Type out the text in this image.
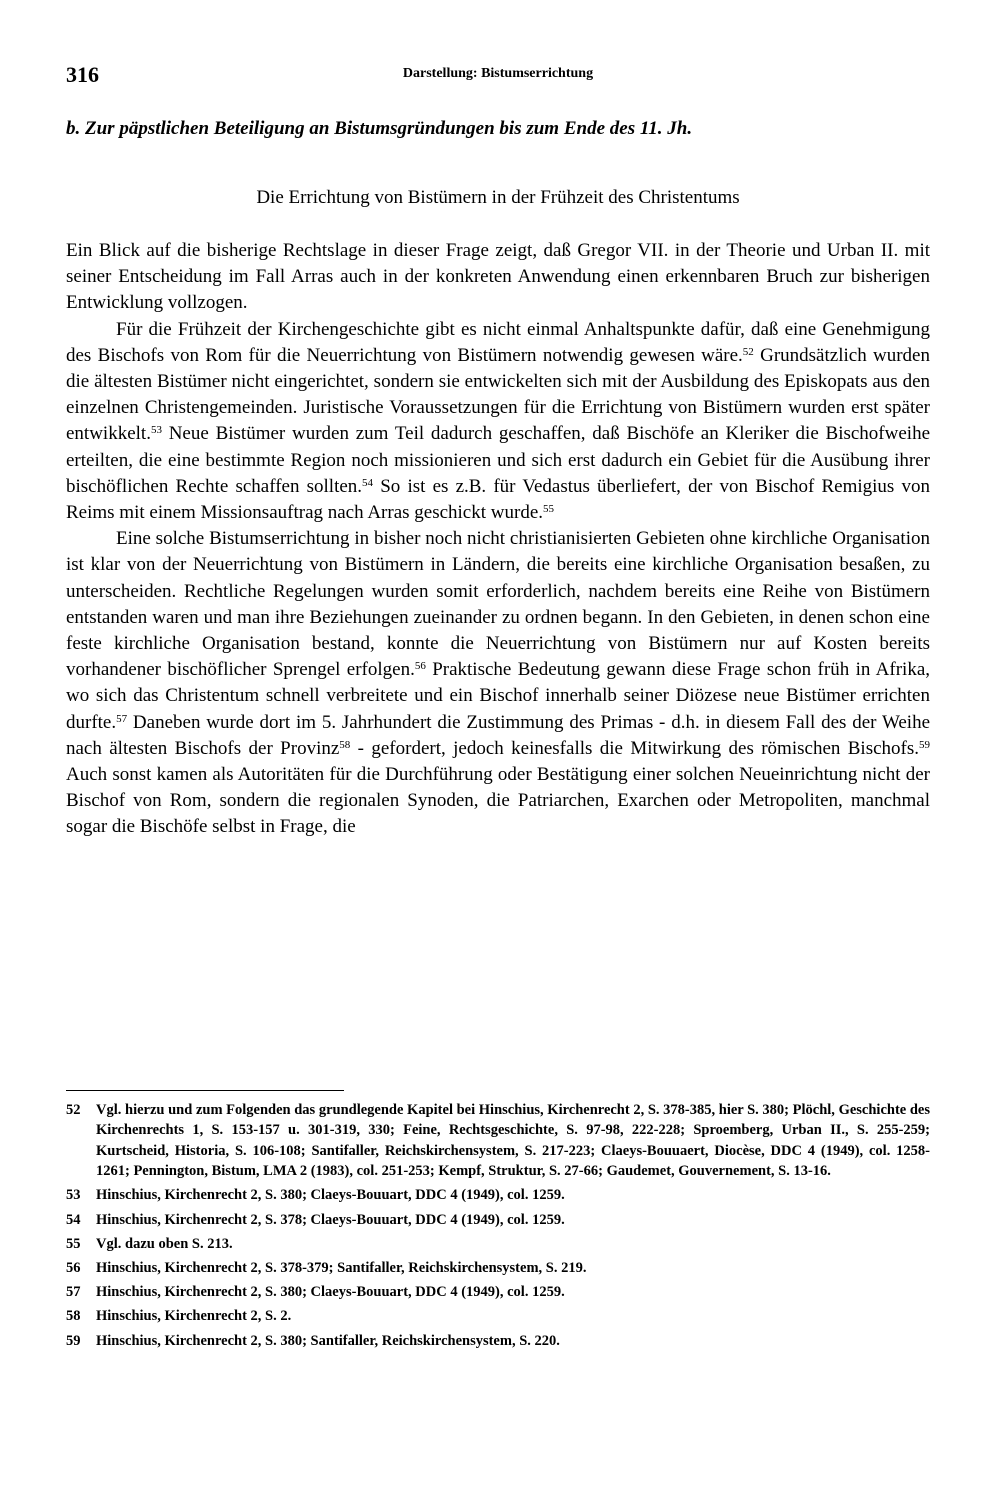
316	Darstellung: Bistumserrichtung
b. Zur päpstlichen Beteiligung an Bistumsgründungen bis zum Ende des 11. Jh.
Die Errichtung von Bistümern in der Frühzeit des Christentums

Ein Blick auf die bisherige Rechtslage in dieser Frage zeigt, daß Gregor VII. in der Theorie und Urban II. mit seiner Entscheidung im Fall Arras auch in der konkreten Anwendung einen erkennbaren Bruch zur bisherigen Entwicklung vollzogen.

Für die Frühzeit der Kirchengeschichte gibt es nicht einmal Anhaltspunkte dafür, daß eine Genehmigung des Bischofs von Rom für die Neuerrichtung von Bistümern notwendig gewesen wäre.$^{52}$ Grundsätzlich wurden die ältesten Bistümer nicht eingerichtet, sondern sie entwickelten sich mit der Ausbildung des Episkopats aus den einzelnen Christengemeinden. Juristische Voraussetzungen für die Errichtung von Bistümern wurden erst später entwikkelt.$^{53}$ Neue Bistümer wurden zum Teil dadurch geschaffen, daß Bischöfe an Kleriker die Bischofweihe erteilten, die eine bestimmte Region noch missionieren und sich erst dadurch ein Gebiet für die Ausübung ihrer bischöflichen Rechte schaffen sollten.$^{54}$ So ist es z.B. für Vedastus überliefert, der von Bischof Remigius von Reims mit einem Missionsauftrag nach Arras geschickt wurde.$^{55}$

Eine solche Bistumserrichtung in bisher noch nicht christianisierten Gebieten ohne kirchliche Organisation ist klar von der Neuerrichtung von Bistümern in Ländern, die bereits eine kirchliche Organisation besaßen, zu unterscheiden. Rechtliche Regelungen wurden somit erforderlich, nachdem bereits eine Reihe von Bistümern entstanden waren und man ihre Beziehungen zueinander zu ordnen begann. In den Gebieten, in denen schon eine feste kirchliche Organisation bestand, konnte die Neuerrichtung von Bistümern nur auf Kosten bereits vorhandener bischöflicher Sprengel erfolgen.$^{56}$ Praktische Bedeutung gewann diese Frage schon früh in Afrika, wo sich das Christentum schnell verbreitete und ein Bischof innerhalb seiner Diözese neue Bistümer errichten durfte.$^{57}$ Daneben wurde dort im 5. Jahrhundert die Zustimmung des Primas - d.h. in diesem Fall des der Weihe nach ältesten Bischofs der Provinz$^{58}$ - gefordert, jedoch keinesfalls die Mitwirkung des römischen Bischofs.$^{59}$ Auch sonst kamen als Autoritäten für die Durchführung oder Bestätigung einer solchen Neueinrichtung nicht der Bischof von Rom, sondern die regionalen Synoden, die Patriarchen, Exarchen oder Metropoliten, manchmal sogar die Bischöfe selbst in Frage, die

52 Vgl. hierzu und zum Folgenden das grundlegende Kapitel bei Hinschius, Kirchenrecht 2, S. 378-385, hier S. 380; Plöchl, Geschichte des Kirchenrechts 1, S. 153-157 u. 301-319, 330; Feine, Rechtsgeschichte, S. 97-98, 222-228; Sproemberg, Urban II., S. 255-259; Kurtscheid, Historia, S. 106-108; Santifaller, Reichskirchensystem, S. 217-223; Claeys-Bouuaert, Diocèse, DDC 4 (1949), col. 1258-1261; Pennington, Bistum, LMA 2 (1983), col. 251-253; Kempf, Struktur, S. 27-66; Gaudemet, Gouvernement, S. 13-16.
53 Hinschius, Kirchenrecht 2, S. 380; Claeys-Bouuart, DDC 4 (1949), col. 1259.
54 Hinschius, Kirchenrecht 2, S. 378; Claeys-Bouuart, DDC 4 (1949), col. 1259.
55 Vgl. dazu oben S. 213.
56 Hinschius, Kirchenrecht 2, S. 378-379; Santifaller, Reichskirchensystem, S. 219.
57 Hinschius, Kirchenrecht 2, S. 380; Claeys-Bouuart, DDC 4 (1949), col. 1259.
58 Hinschius, Kirchenrecht 2, S. 2.
59 Hinschius, Kirchenrecht 2, S. 380; Santifaller, Reichskirchensystem, S. 220.
